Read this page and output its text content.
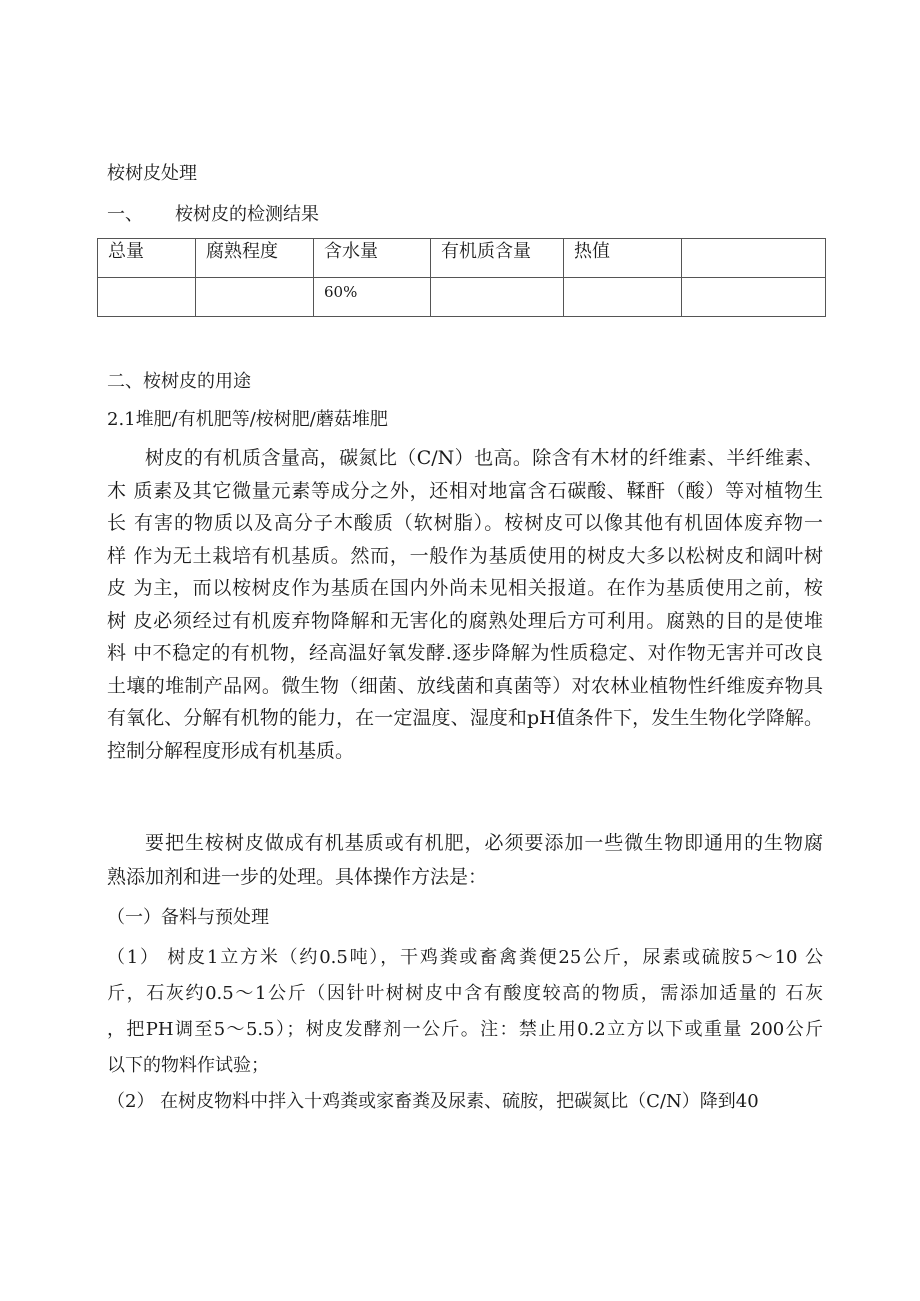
桉树皮处理
一、 桉树皮的检测结果
总量	腐熟程度	含水量	有机质含量	热值	
		60%			
二、桉树皮的用途
2.1堆肥/有机肥等/桉树肥/蘑菇堆肥
树皮的有机质含量高，碳氮比（C/N）也高。除含有木材的纤维素、半纤维素、
木 质素及其它微量元素等成分之外，还相对地富含石碳酸、鞣酐（酸）等对植物生
长 有害的物质以及高分子木酸质（软树脂）。桉树皮可以像其他有机固体废弃物一
样 作为无土栽培有机基质。然而，一般作为基质使用的树皮大多以松树皮和阔叶树
皮 为主，而以桉树皮作为基质在国内外尚未见相关报道。在作为基质使用之前，桉
树 皮必须经过有机废弃物降解和无害化的腐熟处理后方可利用。腐熟的目的是使堆
料 中不稳定的有机物，经高温好氧发酵.逐步降解为性质稳定、对作物无害并可改良
土壤的堆制产品网。微生物（细菌、放线菌和真菌等）对农林业植物性纤维废弃物具
有氧化、分解有机物的能力，在一定温度、湿度和pH值条件下，发生生物化学降解。
控制分解程度形成有机基质。
要把生桉树皮做成有机基质或有机肥，必须要添加一些微生物即通用的生物腐
熟添加剂和进一步的处理。具体操作方法是：
（一）备料与预处理
（1） 树皮1立方米（约0.5吨），干鸡粪或畜禽粪便25公斤，尿素或硫胺5〜10 公
斤，石灰约0.5〜1公斤（因针叶树树皮中含有酸度较高的物质，需添加适量的 石灰
，把PH调至5〜5.5）；树皮发酵剂一公斤。注：禁止用0.2立方以下或重量 200公斤
以下的物料作试验；
（2） 在树皮物料中拌入十鸡粪或家畜粪及尿素、硫胺，把碳氮比（C/N）降到40
